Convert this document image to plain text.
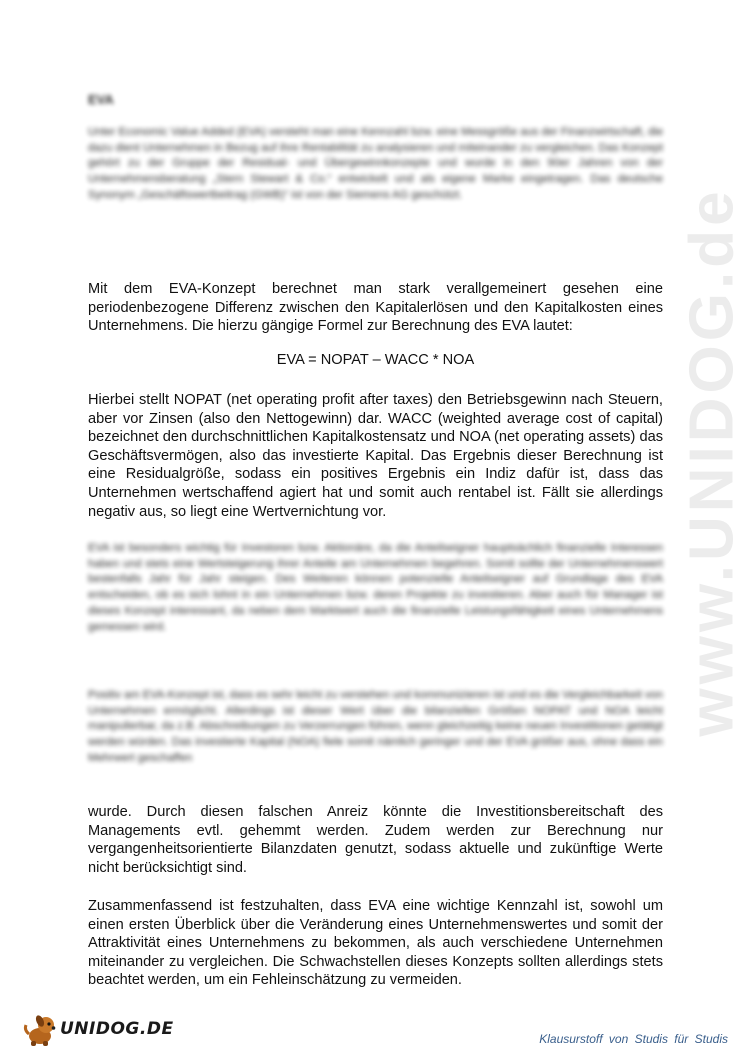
www.UNIDOG.de
EVA

Unter Economic Value Added (EVA) versteht man eine Kennzahl bzw. eine Messgröße aus der Finanzwirtschaft, die dazu dient Unternehmen in Bezug auf ihre Rentabilität zu analysieren und miteinander zu vergleichen. Das Konzept gehört zu der Gruppe der Residual- und Übergewinnkonzepte und wurde in den 90er Jahren von der Unternehmensberatung „Stern Stewart & Co.“ entwickelt und als eigene Marke eingetragen. Das deutsche Synonym „Geschäftswertbeitrag (GWB)“ ist von der Siemens AG geschützt.

Mit dem EVA-Konzept berechnet man stark verallgemeinert gesehen eine periodenbezogene Differenz zwischen den Kapitalerlösen und den Kapitalkosten eines Unternehmens. Die hierzu gängige Formel zur Berechnung des EVA lautet:

EVA = NOPAT – WACC * NOA

Hierbei stellt NOPAT (net operating profit after taxes) den Betriebsgewinn nach Steuern, aber vor Zinsen (also den Nettogewinn) dar. WACC (weighted average cost of capital) bezeichnet den durchschnittlichen Kapitalkostensatz und NOA (net operating assets) das Geschäftsvermögen, also das investierte Kapital. Das Ergebnis dieser Berechnung ist eine Residualgröße, sodass ein positives Ergebnis ein Indiz dafür ist, dass das Unternehmen wertschaffend agiert hat und somit auch rentabel ist. Fällt sie allerdings negativ aus, so liegt eine Wertvernichtung vor.

EVA ist besonders wichtig für Investoren bzw. Aktionäre, da die Anteilseigner hauptsächlich finanzielle Interessen haben und stets eine Wertsteigerung ihrer Anteile am Unternehmen begehren. Somit sollte der Unternehmenswert bestenfalls Jahr für Jahr steigen. Des Weiteren können potenzielle Anteilseigner auf Grundlage des EVA entscheiden, ob es sich lohnt in ein Unternehmen bzw. deren Projekte zu investieren. Aber auch für Manager ist dieses Konzept interessant, da neben dem Marktwert auch die finanzielle Leistungsfähigkeit eines Unternehmens gemessen wird.

Positiv am EVA-Konzept ist, dass es sehr leicht zu verstehen und kommunizieren ist und es die Vergleichbarkeit von Unternehmen ermöglicht. Allerdings ist dieser Wert über die bilanziellen Größen NOPAT und NOA leicht manipulierbar, da z.B. Abschreibungen zu Verzerrungen führen, wenn gleichzeitig keine neuen Investitionen getätigt werden würden. Das investierte Kapital (NOA) fiele somit nämlich geringer und der EVA größer aus, ohne dass ein Mehrwert geschaffen

wurde. Durch diesen falschen Anreiz könnte die Investitionsbereitschaft des Managements evtl. gehemmt werden. Zudem werden zur Berechnung nur vergangenheitsorientierte Bilanzdaten genutzt, sodass aktuelle und zukünftige Werte nicht berücksichtigt sind.

Zusammenfassend ist festzuhalten, dass EVA eine wichtige Kennzahl ist, sowohl um einen ersten Überblick über die Veränderung eines Unternehmenswertes und somit der Attraktivität eines Unternehmens zu bekommen, als auch verschiedene Unternehmen miteinander zu vergleichen. Die Schwachstellen dieses Konzepts sollten allerdings stets beachtet werden, um ein Fehleinschätzung zu vermeiden.

UNIDOG.DE	Klausurstoff von Studis für Studis
